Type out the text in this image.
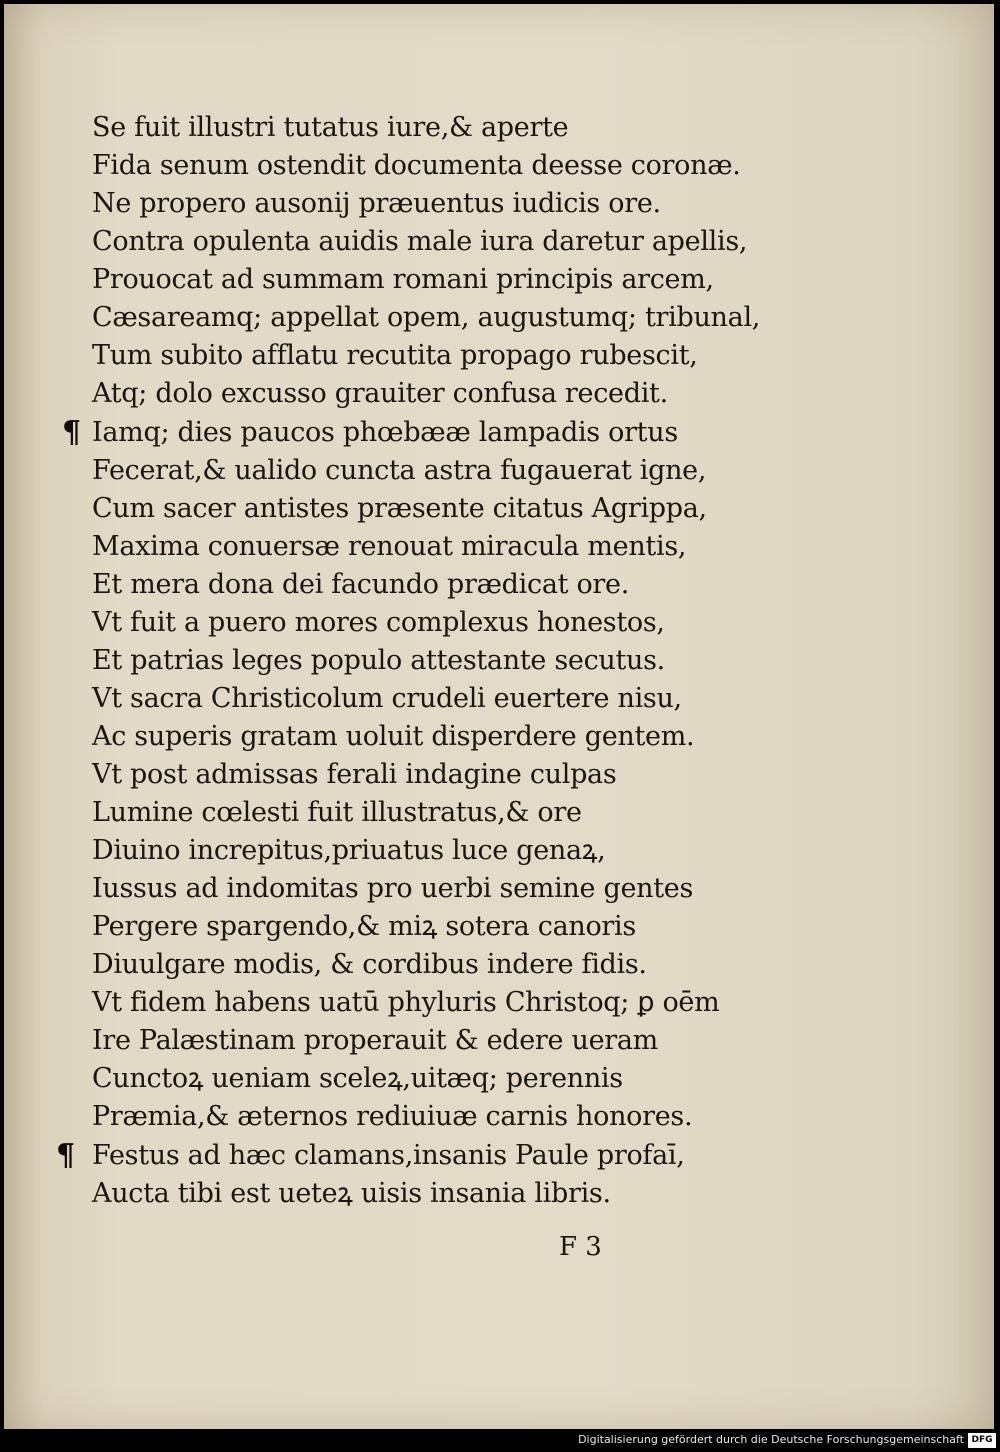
Se fuit illustri tutatus iure,& aperte
Fida senum ostendit documenta deesse coronæ.
Ne propero ausonij præuentus iudicis ore.
Contra opulenta auidis male iura daretur apellis,
Prouocat ad summam romani principis arcem,
Cæsareamq; appellat opem, augustumq; tribunal,
Tum subito afflatu recutita propago rubescit,
Atq; dolo excusso grauiter confusa recedit.
¶ Iamq; dies paucos phœbææ lampadis ortus
Fecerat,& ualido cuncta astra fugauerat igne,
Cum sacer antistes præsente citatus Agrippa,
Maxima conuersæ renouat miracula mentis,
Et mera dona dei facundo prædicat ore.
Vt fuit a puero mores complexus honestos,
Et patrias leges populo attestante secutus.
Vt sacra Christicolum crudeli euertere nisu,
Ac superis gratam uoluit disperdere gentem.
Vt post admissas ferali indagine culpas
Lumine cœlesti fuit illustratus,& ore
Diuino increpitus,priuatus luce genaꝝ,
Iussus ad indomitas pro uerbi semine gentes
Pergere spargendo,& miꝝ sotera canoris
Diuulgare modis, & cordibus indere fidis.
Vt fidem habens uatū phyluris Christoq; ꝑ oēm
Ire Palæstinam properauit & edere ueram
Cunctoꝝ ueniam sceleꝝ,uitæq; perennis
Præmia,& æternos rediuiuæ carnis honores.
¶ Festus ad hæc clamans,insanis Paule profaī,
Aucta tibi est ueteꝝ uisis insania libris.
F 3
Digitalisierung gefördert durch die Deutsche Forschungsgemeinschaft DFG
